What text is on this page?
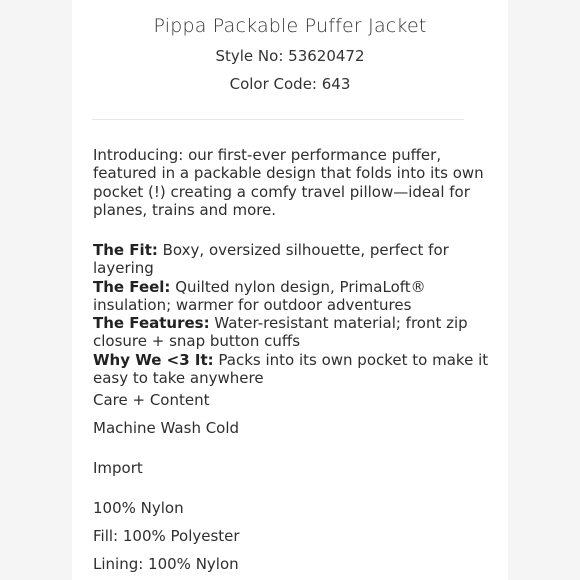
Pippa Packable Puffer Jacket
Style No: 53620472
Color Code: 643

Introducing: our first-ever performance puffer, featured in a packable design that folds into its own pocket (!) creating a comfy travel pillow—ideal for planes, trains and more.

The Fit: Boxy, oversized silhouette, perfect for layering
The Feel: Quilted nylon design, PrimaLoft® insulation; warmer for outdoor adventures
The Features: Water-resistant material; front zip closure + snap button cuffs
Why We <3 It: Packs into its own pocket to make it easy to take anywhere
Care + Content
Machine Wash Cold
Import
100% Nylon
Fill: 100% Polyester
Lining: 100% Nylon
